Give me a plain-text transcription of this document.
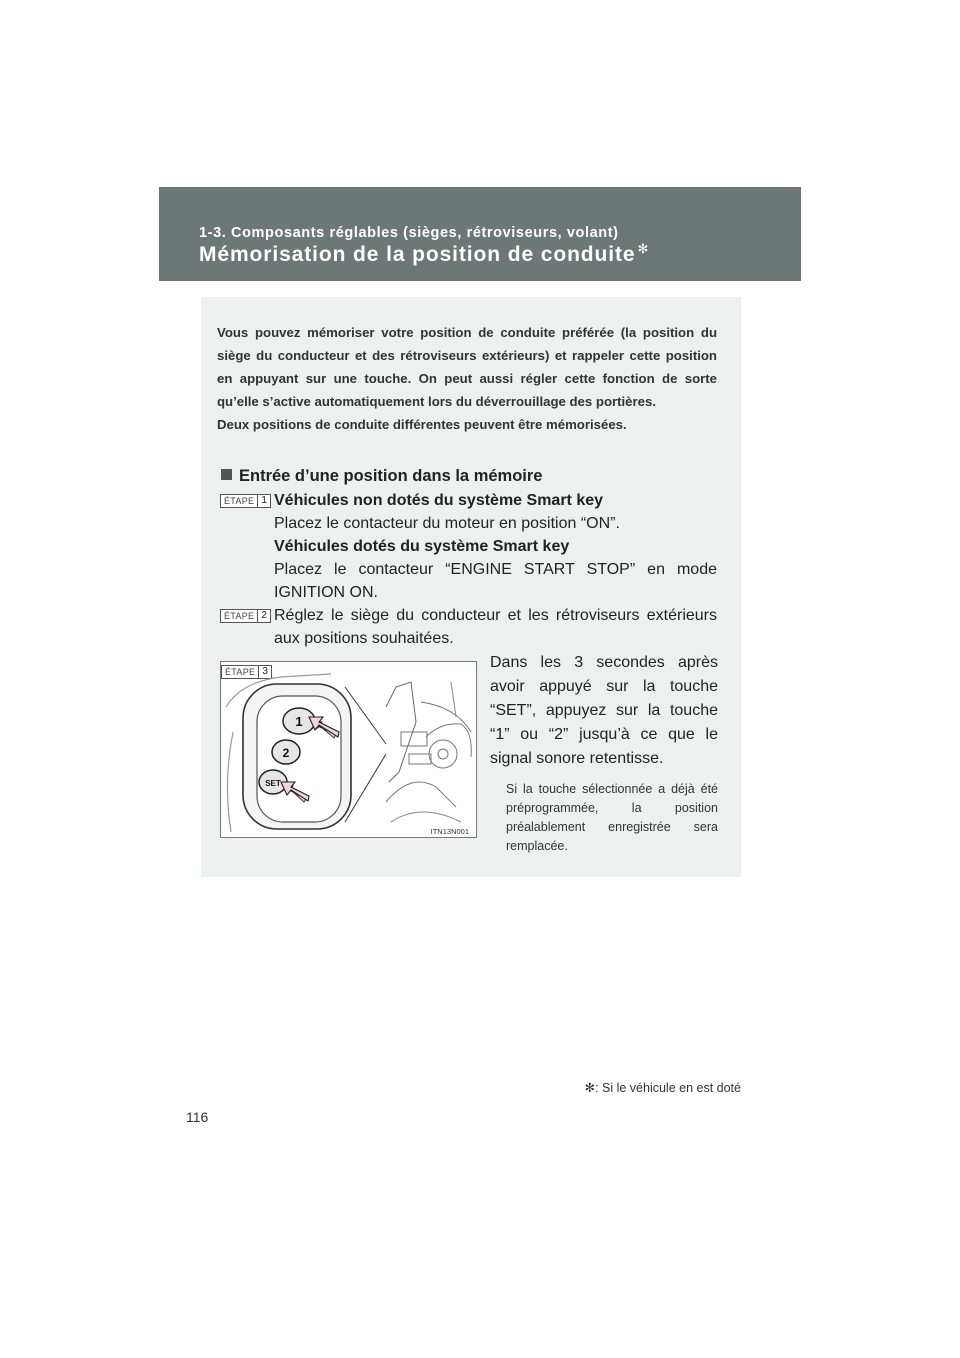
1-3. Composants réglables (sièges, rétroviseurs, volant)
Mémorisation de la position de conduite ✻

Vous pouvez mémoriser votre position de conduite préférée (la position du siège du conducteur et des rétroviseurs extérieurs) et rappeler cette position en appuyant sur une touche. On peut aussi régler cette fonction de sorte qu’elle s’active automatiquement lors du déverrouillage des portières.

Deux positions de conduite différentes peuvent être mémorisées.

Entrée d’une position dans la mémoire
ÉTAPE 1 Véhicules non dotés du système Smart key

Placez le contacteur du moteur en position “ON”.

Véhicules dotés du système Smart key

Placez le contacteur “ENGINE START STOP” en mode IGNITION ON.

ÉTAPE 2 Réglez le siège du conducteur et les rétroviseurs extérieurs aux positions souhaitées.

ÉTAPE 3
1
2
SET
ITN13N001
Dans les 3 secondes après avoir appuyé sur la touche “SET”, appuyez sur la touche “1” ou “2” jusqu’à ce que le signal sonore retentisse.
Si la touche sélectionnée a déjà été préprogrammée, la position préalablement enregistrée sera remplacée.
✻: Si le véhicule en est doté
116
